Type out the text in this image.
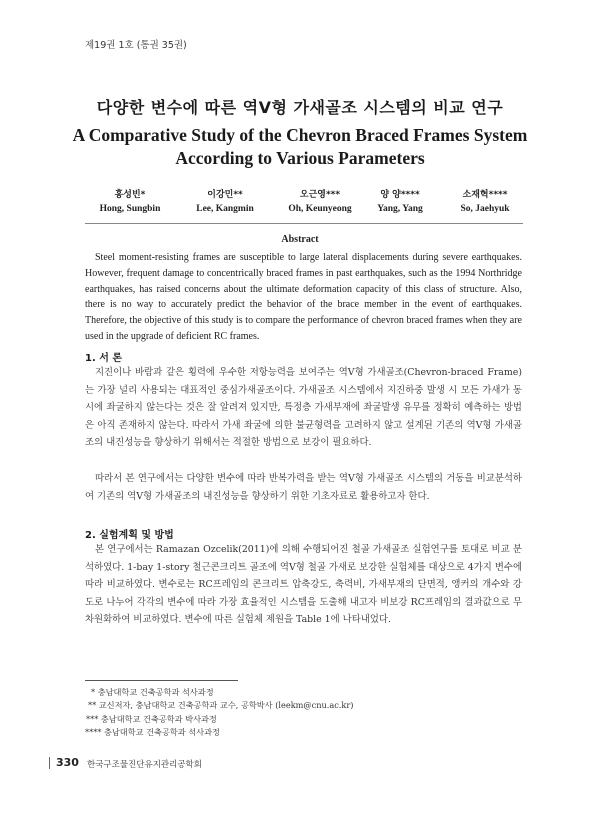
제19권 1호 (통권 35권)
다양한 변수에 따른 역V형 가새골조 시스템의 비교 연구
A Comparative Study of the Chevron Braced Frames System
According to Various Parameters
홍성빈*
Hong, Sungbin
이강민**
Lee, Kangmin
오근영***
Oh, Keunyeong
양 양****
Yang, Yang
소재혁****
So, Jaehyuk
Abstract
Steel moment-resisting frames are susceptible to large lateral displacements during severe earthquakes. However, frequent damage to concentrically braced frames in past earthquakes, such as the 1994 Northridge earthquakes, has raised concerns about the ultimate deformation capacity of this class of structure. Also, there is no way to accurately predict the behavior of the brace member in the event of earthquakes. Therefore, the objective of this study is to compare the performance of chevron braced frames when they are used in the upgrade of deficient RC frames.
1. 서 론
지진이나 바람과 같은 횡력에 우수한 저항능력을 보여주는 역V형 가새골조(Chevron-braced Frame)는 가장 널리 사용되는 대표적인 중심가새골조이다. 가새골조 시스템에서 지진하중 발생 시 모든 가새가 동시에 좌굴하지 않는다는 것은 잘 알려져 있지만, 특정층 가새부재에 좌굴발생 유무를 정확히 예측하는 방법은 아직 존재하지 않는다. 따라서 가새 좌굴에 의한 불균형력을 고려하지 않고 설계된 기존의 역V형 가새골조의 내진성능을 향상하기 위해서는 적절한 방법으로 보강이 필요하다.
따라서 본 연구에서는 다양한 변수에 따라 반복가력을 받는 역V형 가새골조 시스템의 거동을 비교분석하여 기존의 역V형 가새골조의 내진성능을 향상하기 위한 기초자료로 활용하고자 한다.
2. 실험계획 및 방법
본 연구에서는 Ramazan Ozcelik(2011)에 의해 수행되어진 철골 가새골조 실험연구를 토대로 비교 분석하였다. 1-bay 1-story 철근콘크리트 골조에 역V형 철골 가새로 보강한 실험체를 대상으로 4가지 변수에 따라 비교하였다. 변수로는 RC프레임의 콘크리트 압축강도, 축력비, 가새부재의 단면적, 앵커의 개수와 강도로 나누어 각각의 변수에 따라 가장 효율적인 시스템을 도출해 내고자 비보강 RC프레임의 결과값으로 무차원화하여 비교하였다. 변수에 따른 실험체 제원을 Table 1에 나타내었다.
* 충남대학교 건축공학과 석사과정
** 교신저자, 충남대학교 건축공학과 교수, 공학박사 (leekm@cnu.ac.kr)
*** 충남대학교 건축공학과 박사과정
**** 충남대학교 건축공학과 석사과정
330 한국구조물진단유지관리공학회
